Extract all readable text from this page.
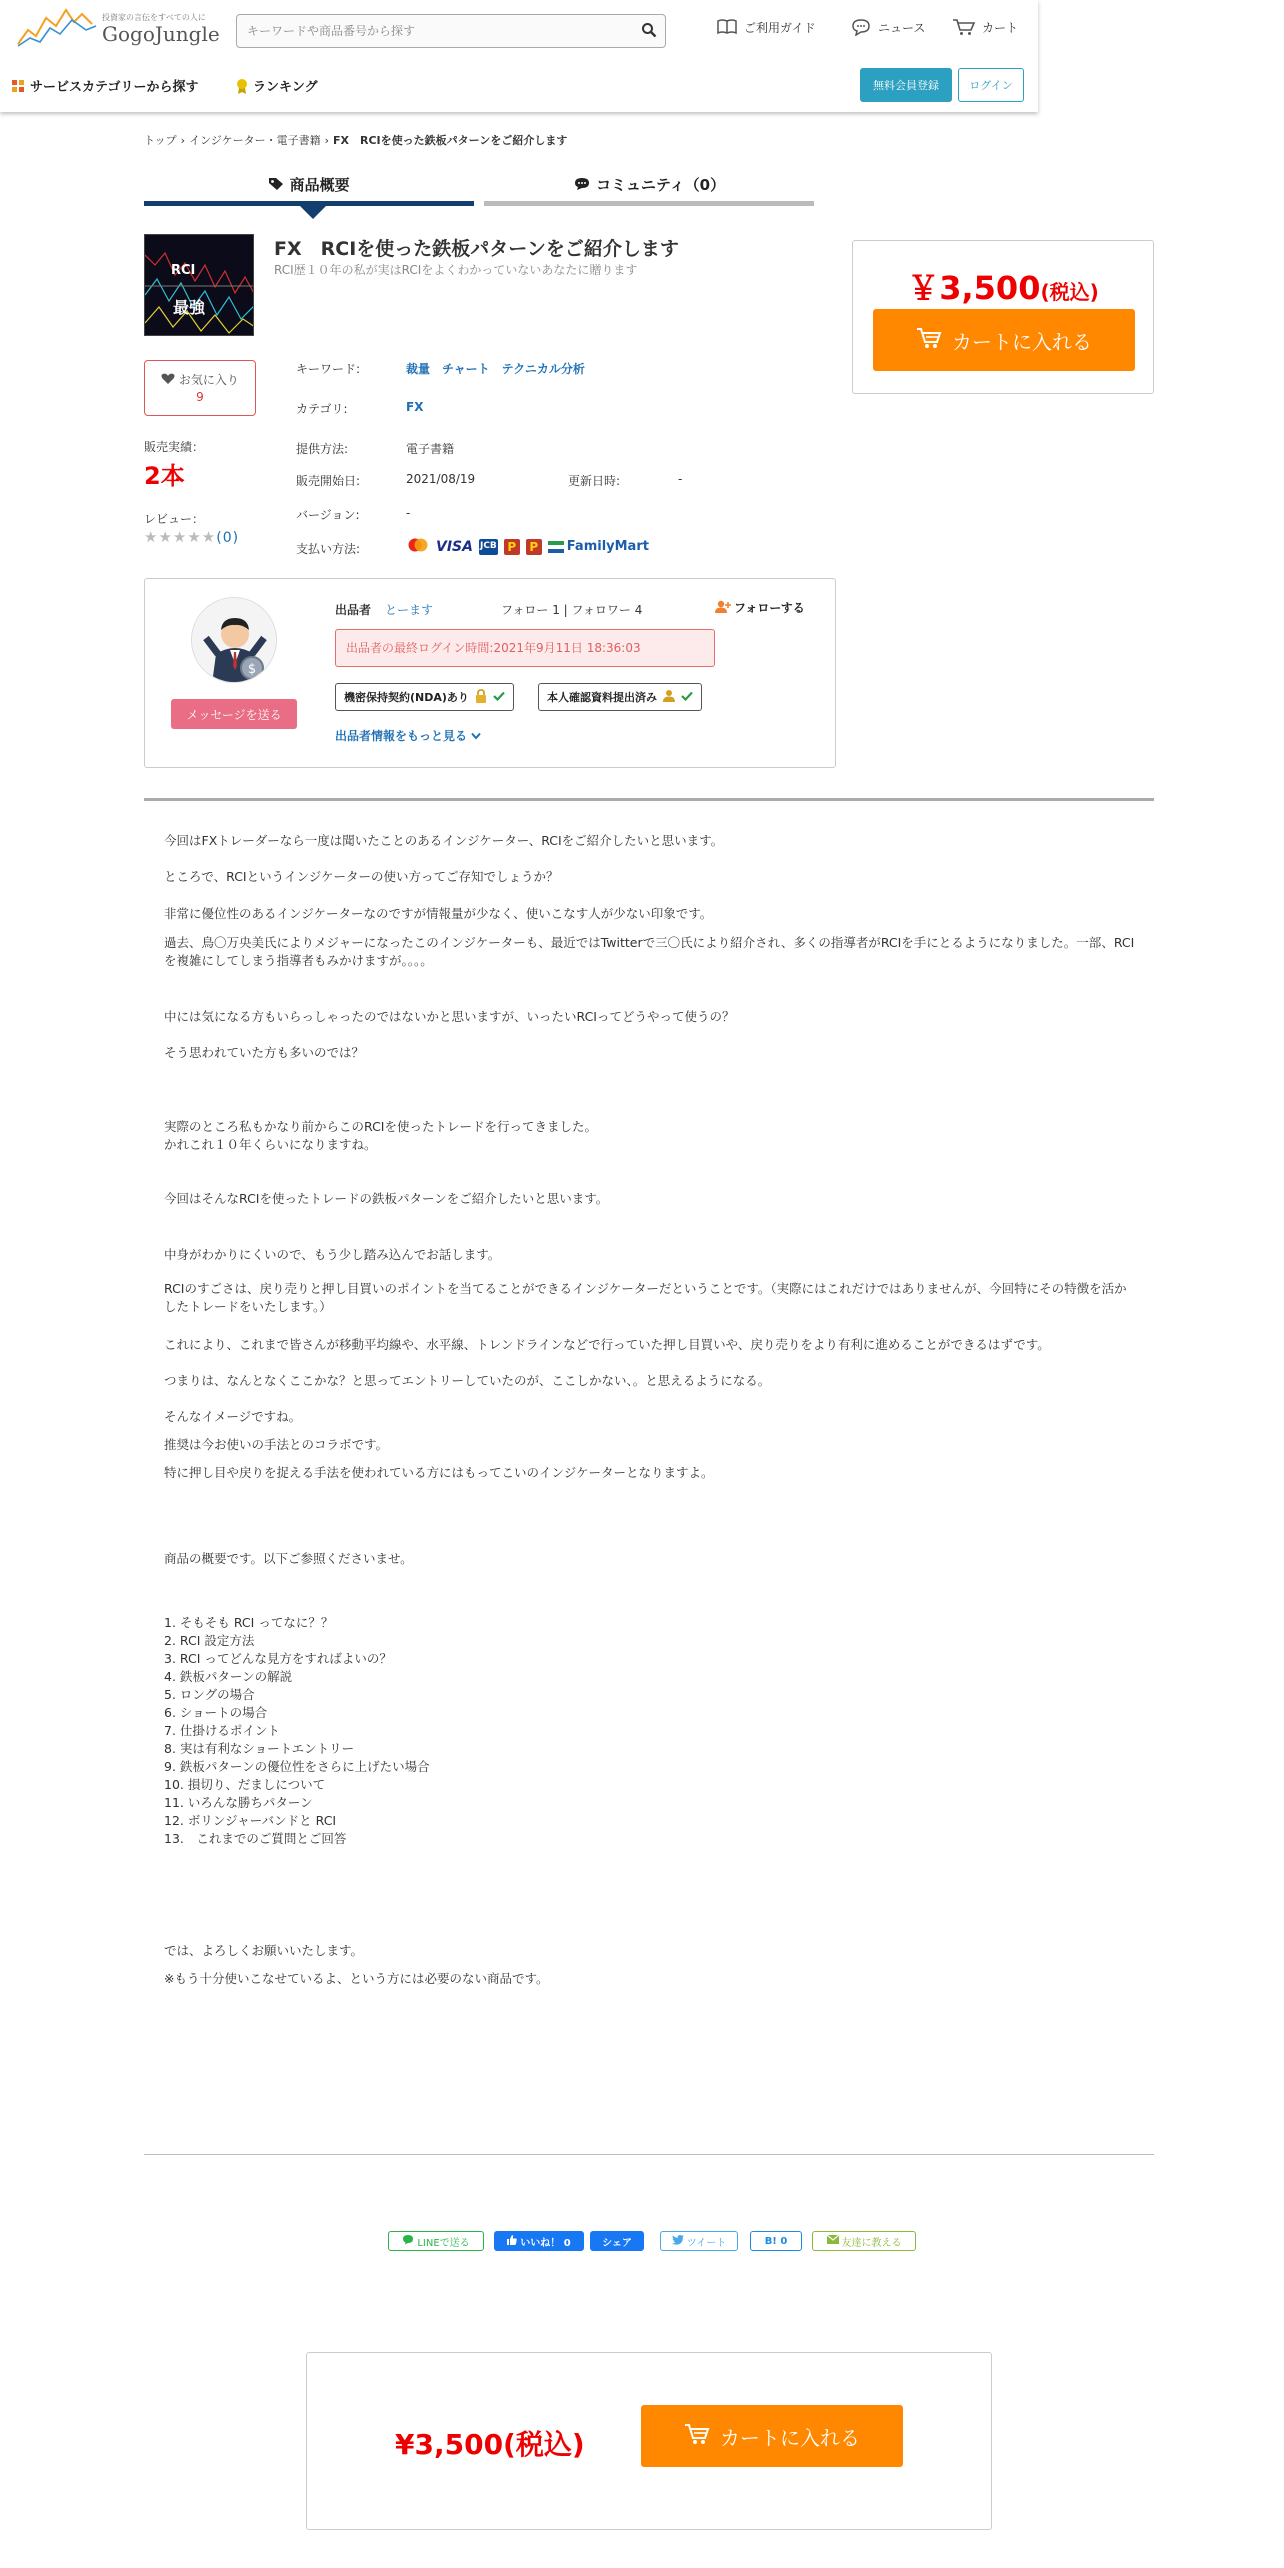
投資家の言伝をすべての人に
GogoJungle
キーワードや商品番号から探す	ご利用ガイド	ニュース	カート
サービスカテゴリーから探す	ランキング	無料会員登録	ログイン
トップ › インジケーター・電子書籍 › FX　RCIを使った鉄板パターンをご紹介します
商品概要	コミュニティ（0）
RCI
最強
FX　RCIを使った鉄板パターンをご紹介します
RCI歴１０年の私が実はRCIをよくわかっていないあなたに贈ります
お気に入り
9
販売実績：
2本
レビュー：
★★★★★(0)
キーワード:	裁量 チャート テクニカル分析
カテゴリ:	FX
提供方法:	電子書籍
販売開始日:	2021/08/19	更新日時:	-
バージョン:	-
支払い方法:	VISA JCB P	P FamilyMart
￥3,500(税込)
カートに入れる
$
メッセージを送る
出品者 とーます	フォロー 1 | フォロワー 4	フォローする
出品者の最終ログイン時間:2021年9月11日 18:36:03
機密保持契約(NDA)あり	本人確認資料提出済み
出品者情報をもっと見る

今回はFXトレーダーなら一度は聞いたことのあるインジケーター、RCIをご紹介したいと思います。

ところで、RCIというインジケーターの使い方ってご存知でしょうか？

非常に優位性のあるインジケーターなのですが情報量が少なく、使いこなす人が少ない印象です。

過去、鳥〇万央美氏によりメジャーになったこのインジケーターも、最近ではTwitterで三〇氏により紹介され、多くの指導者がRCIを手にとるようになりました。一部、RCIを複雑にしてしまう指導者もみかけますが。。。。

中には気になる方もいらっしゃったのではないかと思いますが、いったいRCIってどうやって使うの？

そう思われていた方も多いのでは？

実際のところ私もかなり前からこのRCIを使ったトレードを行ってきました。

かれこれ１０年くらいになりますね。

今回はそんなRCIを使ったトレードの鉄板パターンをご紹介したいと思います。

中身がわかりにくいので、もう少し踏み込んでお話します。

RCIのすごさは、戻り売りと押し目買いのポイントを当てることができるインジケーターだということです。（実際にはこれだけではありませんが、今回特にその特徴を活かしたトレードをいたします。）

これにより、これまで皆さんが移動平均線や、水平線、トレンドラインなどで行っていた押し目買いや、戻り売りをより有利に進めることができるはずです。

つまりは、なんとなくここかな？と思ってエントリーしていたのが、ここしかない、。と思えるようになる。

そんなイメージですね。

推奨は今お使いの手法とのコラボです。

特に押し目や戻りを捉える手法を使われている方にはもってこいのインジケーターとなりますよ。

商品の概要です。以下ご参照くださいませ。

1. そもそも RCI ってなに？？

2. RCI 設定方法

3. RCI ってどんな見方をすればよいの？

4. 鉄板パターンの解説

5. ロングの場合

6. ショートの場合

7. 仕掛けるポイント

8. 実は有利なショートエントリー

9. 鉄板パターンの優位性をさらに上げたい場合

10. 損切り、だましについて

11. いろんな勝ちパターン

12. ボリンジャーバンドと RCI

13.　これまでのご質問とご回答

では、よろしくお願いいたします。

※もう十分使いこなせているよ、という方には必要のない商品です。

LINEで送る	いいね！ 0	シェア	ツイート	B! 0	友達に教える
¥3,500(税込)	カートに入れる
